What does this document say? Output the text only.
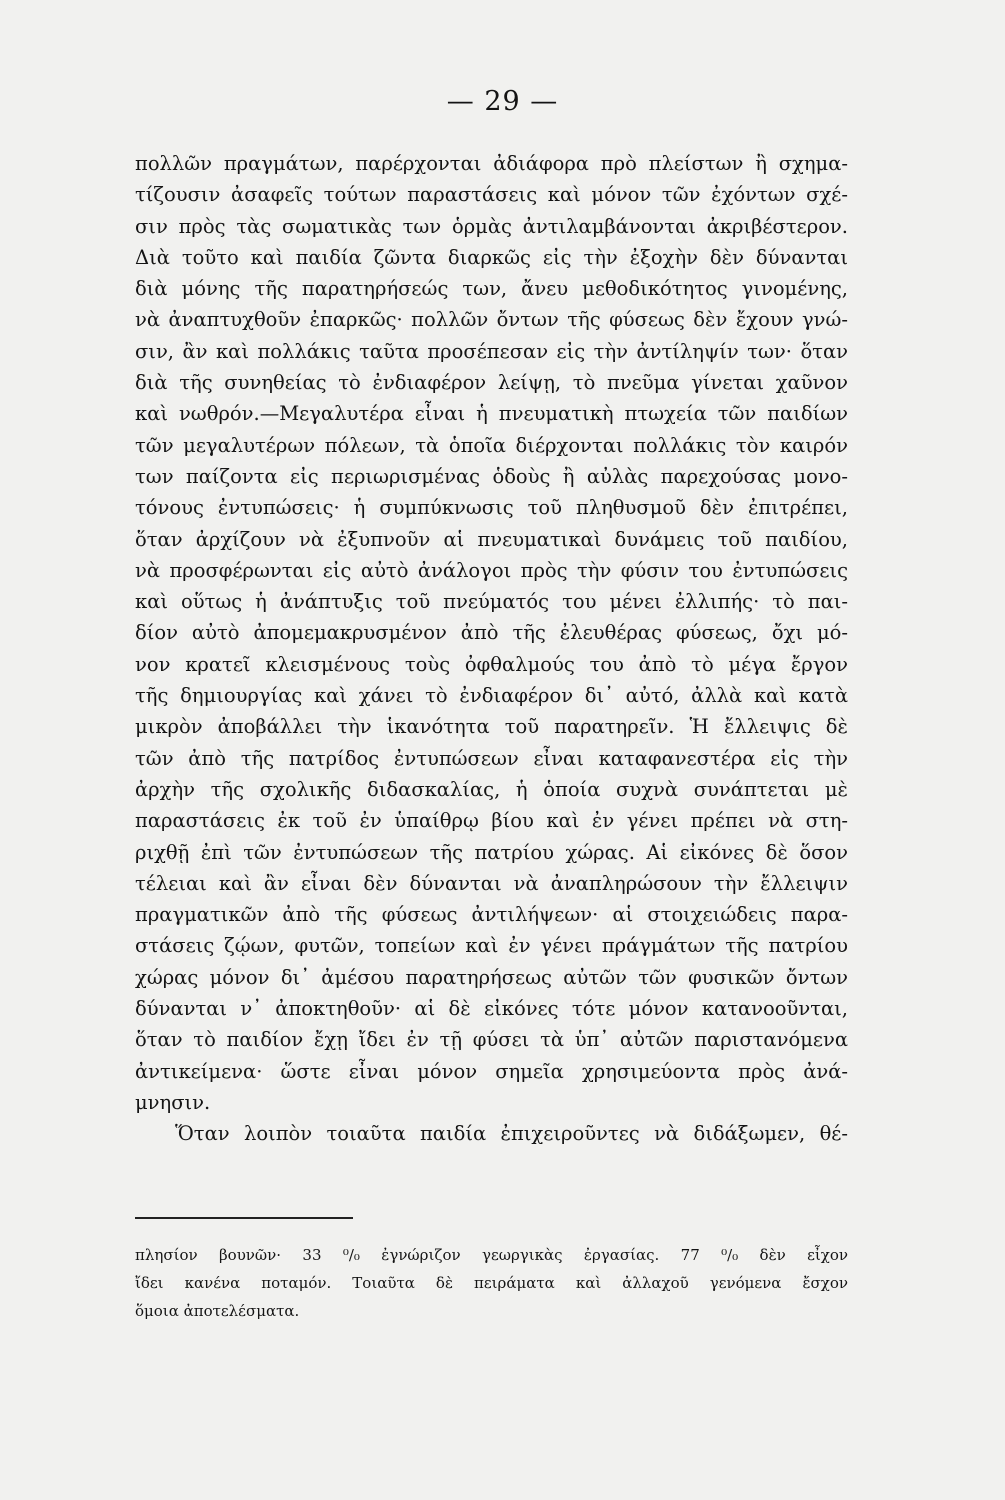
— 29 —
πολλῶν πραγμάτων, παρέρχονται ἀδιάφορα πρὸ πλείστων ἢ σχημα-
τίζουσιν ἀσαφεῖς τούτων παραστάσεις καὶ μόνον τῶν ἐχόντων σχέ-
σιν πρὸς τὰς σωματικὰς των ὁρμὰς ἀντιλαμβάνονται ἀκριβέστερον.
Διὰ τοῦτο καὶ παιδία ζῶντα διαρκῶς εἰς τὴν ἐξοχὴν δὲν δύνανται
διὰ μόνης τῆς παρατηρήσεώς των, ἄνευ μεθοδικότητος γινομένης,
νὰ ἀναπτυχθοῦν ἐπαρκῶς· πολλῶν ὄντων τῆς φύσεως δὲν ἔχουν γνώ-
σιν, ἂν καὶ πολλάκις ταῦτα προσέπεσαν εἰς τὴν ἀντίληψίν των· ὅταν
διὰ τῆς συνηθείας τὸ ἐνδιαφέρον λείψῃ, τὸ πνεῦμα γίνεται χαῦνον
καὶ νωθρόν.—Μεγαλυτέρα εἶναι ἡ πνευματικὴ πτωχεία τῶν παιδίων
τῶν μεγαλυτέρων πόλεων, τὰ ὁποῖα διέρχονται πολλάκις τὸν καιρόν
των παίζοντα εἰς περιωρισμένας ὁδοὺς ἢ αὐλὰς παρεχούσας μονο-
τόνους ἐντυπώσεις· ἡ συμπύκνωσις τοῦ πληθυσμοῦ δὲν ἐπιτρέπει,
ὅταν ἀρχίζουν νὰ ἐξυπνοῦν αἱ πνευματικαὶ δυνάμεις τοῦ παιδίου,
νὰ προσφέρωνται εἰς αὐτὸ ἀνάλογοι πρὸς τὴν φύσιν του ἐντυπώσεις
καὶ οὕτως ἡ ἀνάπτυξις τοῦ πνεύματός του μένει ἐλλιπής· τὸ παι-
δίον αὐτὸ ἀπομεμακρυσμένον ἀπὸ τῆς ἐλευθέρας φύσεως, ὄχι μό-
νον κρατεῖ κλεισμένους τοὺς ὀφθαλμούς του ἀπὸ τὸ μέγα ἔργον
τῆς δημιουργίας καὶ χάνει τὸ ἐνδιαφέρον δι᾽ αὐτό, ἀλλὰ καὶ κατὰ
μικρὸν ἀποβάλλει τὴν ἱκανότητα τοῦ παρατηρεῖν. Ἡ ἔλλειψις δὲ
τῶν ἀπὸ τῆς πατρίδος ἐντυπώσεων εἶναι καταφανεστέρα εἰς τὴν
ἀρχὴν τῆς σχολικῆς διδασκαλίας, ἡ ὁποία συχνὰ συνάπτεται μὲ
παραστάσεις ἐκ τοῦ ἐν ὑπαίθρῳ βίου καὶ ἐν γένει πρέπει νὰ στη-
ριχθῇ ἐπὶ τῶν ἐντυπώσεων τῆς πατρίου χώρας. Αἱ εἰκόνες δὲ ὅσον
τέλειαι καὶ ἂν εἶναι δὲν δύνανται νὰ ἀναπληρώσουν τὴν ἔλλειψιν
πραγματικῶν ἀπὸ τῆς φύσεως ἀντιλήψεων· αἱ στοιχειώδεις παρα-
στάσεις ζῴων, φυτῶν, τοπείων καὶ ἐν γένει πράγμάτων τῆς πατρίου
χώρας μόνον δι᾽ ἀμέσου παρατηρήσεως αὐτῶν τῶν φυσικῶν ὄντων
δύνανται ν᾽ ἀποκτηθοῦν· αἱ δὲ εἰκόνες τότε μόνον κατανοοῦνται,
ὅταν τὸ παιδίον ἔχῃ ἴδει ἐν τῇ φύσει τὰ ὑπ᾽ αὐτῶν παριστανόμενα
ἀντικείμενα· ὥστε εἶναι μόνον σημεῖα χρησιμεύοντα πρὸς ἀνά-
μνησιν.
Ὅταν λοιπὸν τοιαῦτα παιδία ἐπιχειροῦντες νὰ διδάξωμεν, θέ-
πλησίον βουνῶν· 33 ⁰/₀ ἐγνώριζον γεωργικὰς ἐργασίας. 77 ⁰/₀ δὲν εἶχον
ἴδει κανένα ποταμόν. Τοιαῦτα δὲ πειράματα καὶ ἀλλαχοῦ γενόμενα ἔσχον
ὅμοια ἀποτελέσματα.
